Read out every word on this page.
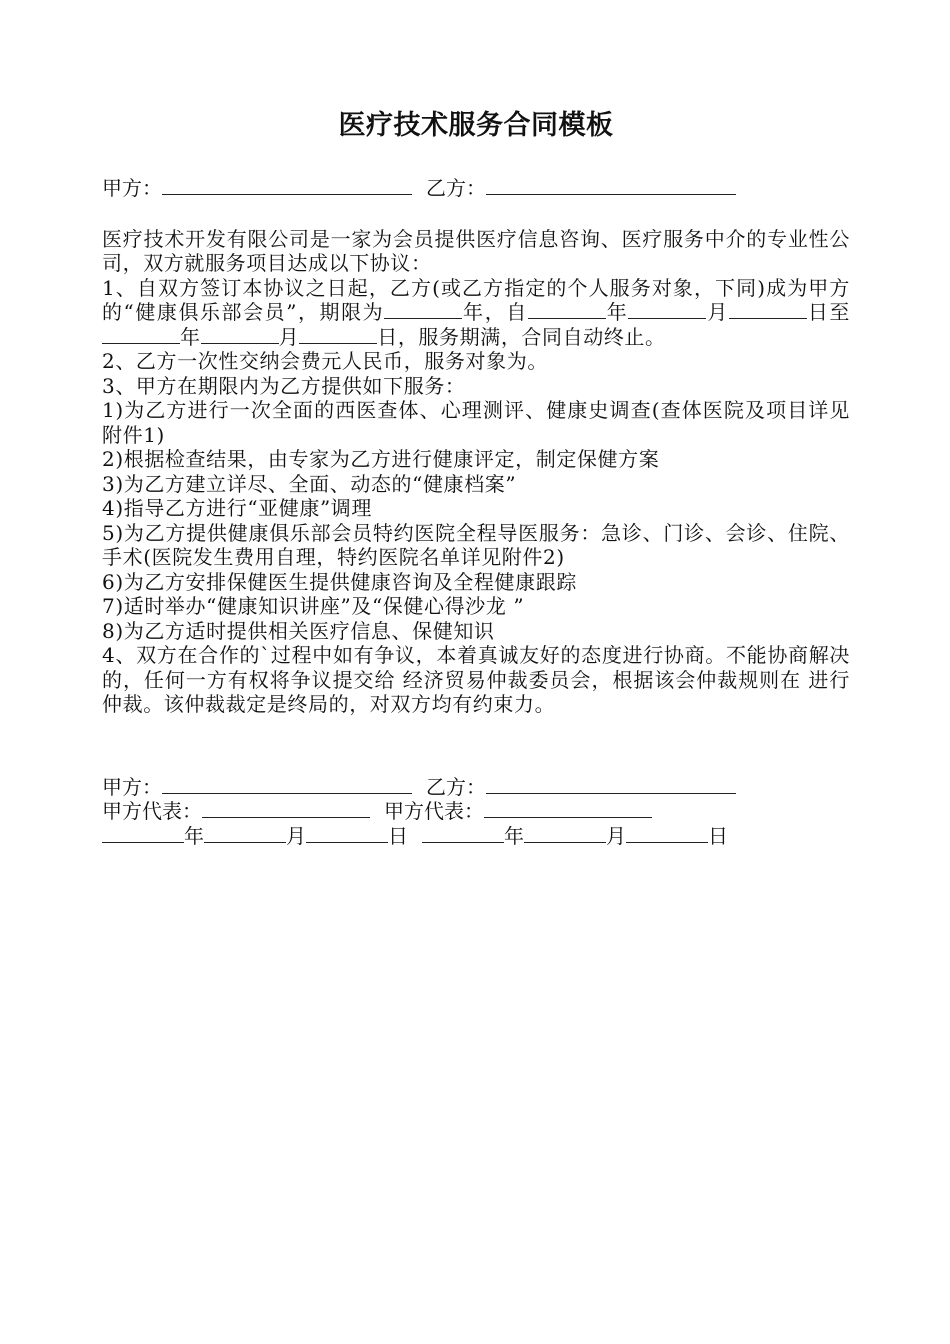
医疗技术服务合同模板
甲方：	乙方：
医疗技术开发有限公司是一家为会员提供医疗信息咨询、医疗服务中介的专业性公司，双方就服务项目达成以下协议：
1、自双方签订本协议之日起，乙方(或乙方指定的个人服务对象，下同)成为甲方的“健康俱乐部会员”，期限为	年，自	年	月	日至年	月	日，服务期满，合同自动终止。
2、乙方一次性交纳会费元人民币，服务对象为。
3、甲方在期限内为乙方提供如下服务：
1)为乙方进行一次全面的西医查体、心理测评、健康史调查(查体医院及项目详见附件1)
2)根据检查结果，由专家为乙方进行健康评定，制定保健方案
3)为乙方建立详尽、全面、动态的“健康档案”
4)指导乙方进行“亚健康”调理
5)为乙方提供健康俱乐部会员特约医院全程导医服务：急诊、门诊、会诊、住院、手术(医院发生费用自理，特约医院名单详见附件2)
6)为乙方安排保健医生提供健康咨询及全程健康跟踪
7)适时举办“健康知识讲座”及“保健心得沙龙 ”
8)为乙方适时提供相关医疗信息、保健知识
4、双方在合作的`过程中如有争议，本着真诚友好的态度进行协商。不能协商解决的，任何一方有权将争议提交给 经济贸易仲裁委员会，根据该会仲裁规则在 进行仲裁。该仲裁裁定是终局的，对双方均有约束力。
甲方：	乙方：
甲方代表：	甲方代表：
年	月	日	年	月	日
